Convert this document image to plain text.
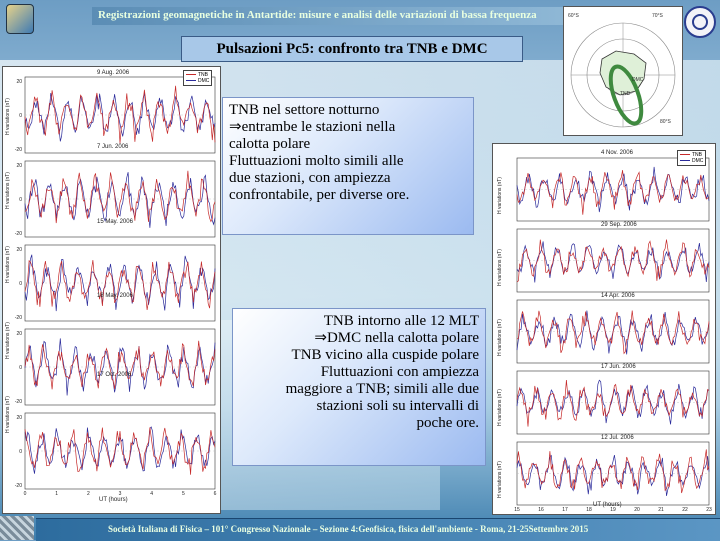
Registrazioni geomagnetiche in Antartide: misure e analisi delle variazioni di bassa frequenza
Pulsazioni Pc5: confronto tra TNB e DMC
TNB
DMC
60°S	70°S
80°S
20
0
-20
20
0
-20
20
0
-20
20
0
-20
20
0
-20
0	1	2	3	4	5	6
TNB
DMC
9 Aug. 2006
7 Jun. 2006
15 May. 2006
18 May. 2006
17 Oct. 2006
H variations (nT)
H variations (nT)
H variations (nT)
H variations (nT)
H variations (nT)
UT (hours)
15	16	17	18	19	20	21	22	23
TNB
DMC
4 Nov. 2006
29 Sep. 2006
14 Apr. 2006
17 Jun. 2006
12 Jul. 2006
H variations (nT)
H variations (nT)
H variations (nT)
H variations (nT)
H variations (nT)
UT (hours)
TNB nel settore notturno
⇒entrambe le stazioni nella
calotta polare
Fluttuazioni molto simili alle
due stazioni, con ampiezza
confrontabile, per diverse ore.
TNB intorno alle 12 MLT
⇒DMC nella calotta polare
TNB vicino alla cuspide polare
Fluttuazioni con ampiezza
maggiore a TNB; simili alle due
stazioni soli su intervalli di
poche ore.
Società Italiana di Fisica – 101° Congresso Nazionale – Sezione 4:Geofisica, fisica dell'ambiente - Roma, 21-25Settembre 2015
